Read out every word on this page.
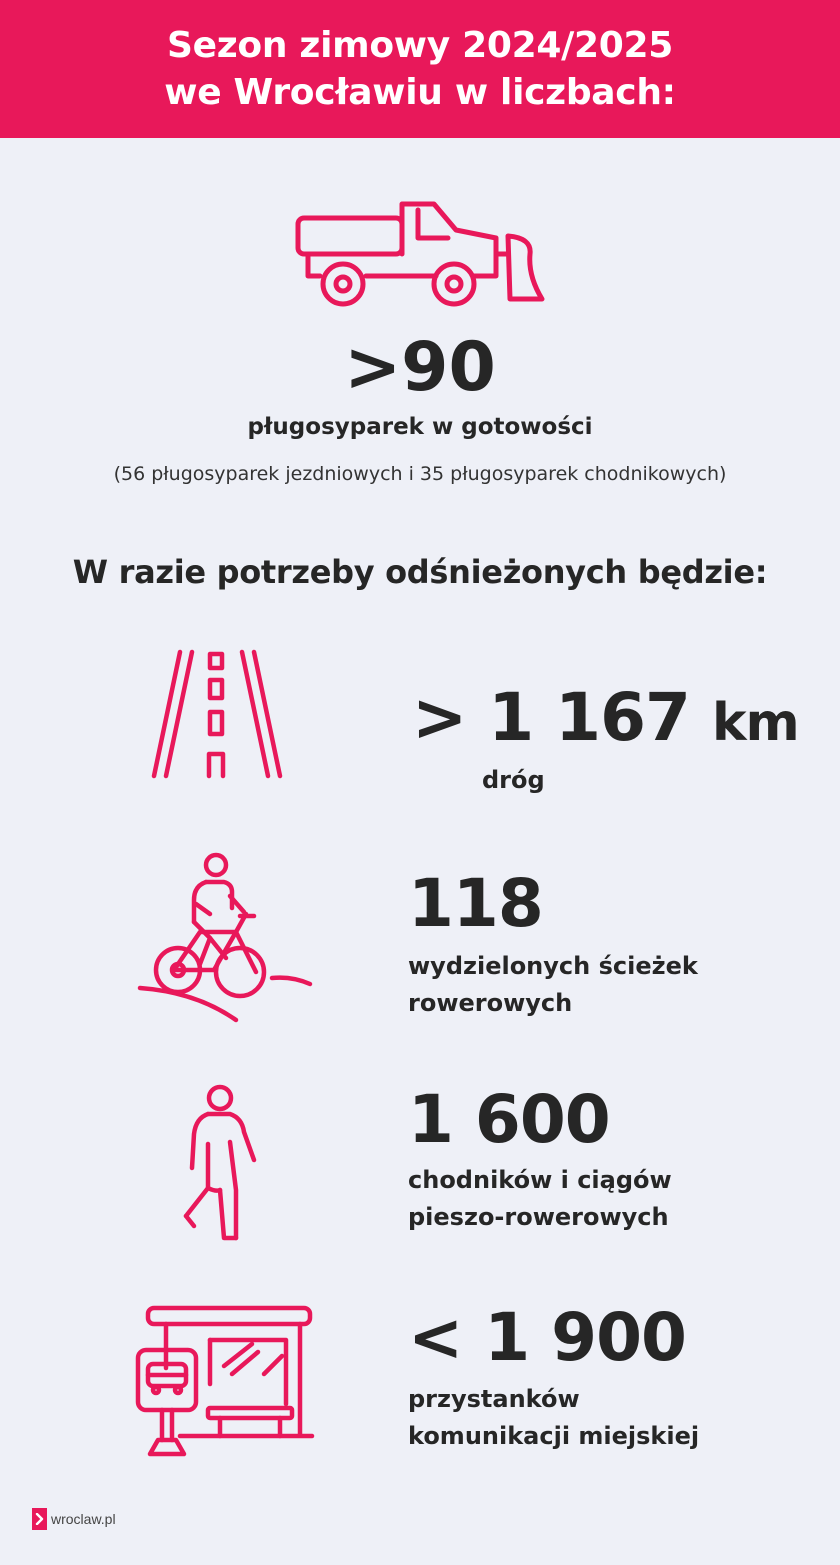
Sezon zimowy 2024/2025
we Wrocławiu w liczbach:
>90
pługosyparek w gotowości
(56 pługosyparek jezdniowych i 35 pługosyparek chodnikowych)
W razie potrzeby odśnieżonych będzie:
> 1 167 km
dróg
118
wydzielonych ścieżek
rowerowych
1 600
chodników i ciągów
pieszo-rowerowych
< 1 900
przystanków
komunikacji miejskiej
wroclaw.pl
